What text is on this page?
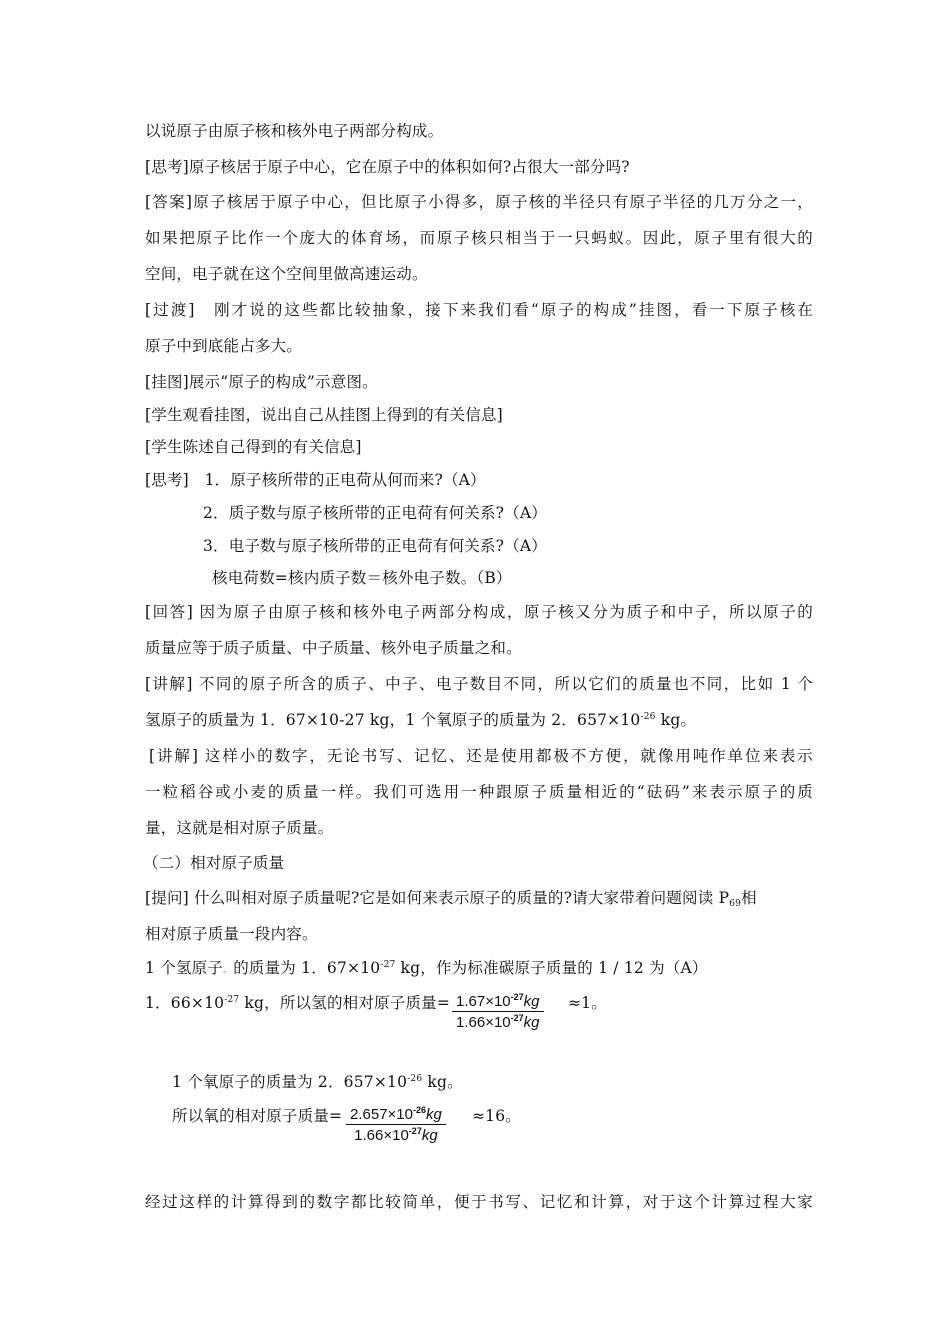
以说原子由原子核和核外电子两部分构成。
[思考]原子核居于原子中心，它在原子中的体积如何?占很大一部分吗?
[答案]原子核居于原子中心，但比原子小得多，原子核的半径只有原子半径的几万分之一，
如果把原子比作一个庞大的体育场，而原子核只相当于一只蚂蚁。因此，原子里有很大的
空间，电子就在这个空间里做高速运动。
[过渡]　刚才说的这些都比较抽象，接下来我们看“原子的构成”挂图，看一下原子核在
原子中到底能占多大。
[挂图]展示“原子的构成”示意图。
[学生观看挂图，说出自己从挂图上得到的有关信息]
[学生陈述自己得到的有关信息]
[思考]　1．原子核所带的正电荷从何而来?（A）
2．质子数与原子核所带的正电荷有何关系?（A）
3．电子数与原子核所带的正电荷有何关系?（A）
核电荷数=核内质子数＝核外电子数。（B）
[回答] 因为原子由原子核和核外电子两部分构成，原子核又分为质子和中子，所以原子的
质量应等于质子质量、中子质量、核外电子质量之和。
[讲解] 不同的原子所含的质子、中子、电子数目不同，所以它们的质量也不同，比如 1 个
氢原子的质量为 1．67×10-27 kg，1 个氧原子的质量为 2．$657\times 10^{-26}$ kg。
[讲解] 这样小的数字，无论书写、记忆、还是使用都极不方便，就像用吨作单位来表示
一粒稻谷或小麦的质量一样。我们可选用一种跟原子质量相近的“砝码”来表示原子的质
量，这就是相对原子质量。
（二）相对原子质量
[提问] 什么叫相对原子质量呢?它是如何来表示原子的质量的?请大家带着问题阅读 $P_{69}$相
相对原子质量一段内容。
1 个氢原子。的质量为 1．$67\times 10^{-27}$ kg，作为标准碳原子质量的 1 / 12 为（A）
1．$66\times 10^{-27}$ kg，所以氢的相对原子质量= $\frac{1.67\times 10^{-27}kg}{1.66\times 10^{-27}kg} \approx 1$。
1 个氧原子的质量为 2．$657\times 10^{-26}$ kg。
所以氧的相对原子质量= $\frac{2.657\times 10^{-26}kg}{1.66\times 10^{-27}kg} \approx 16$。
经过这样的计算得到的数字都比较简单，便于书写、记忆和计算，对于这个计算过程大家
